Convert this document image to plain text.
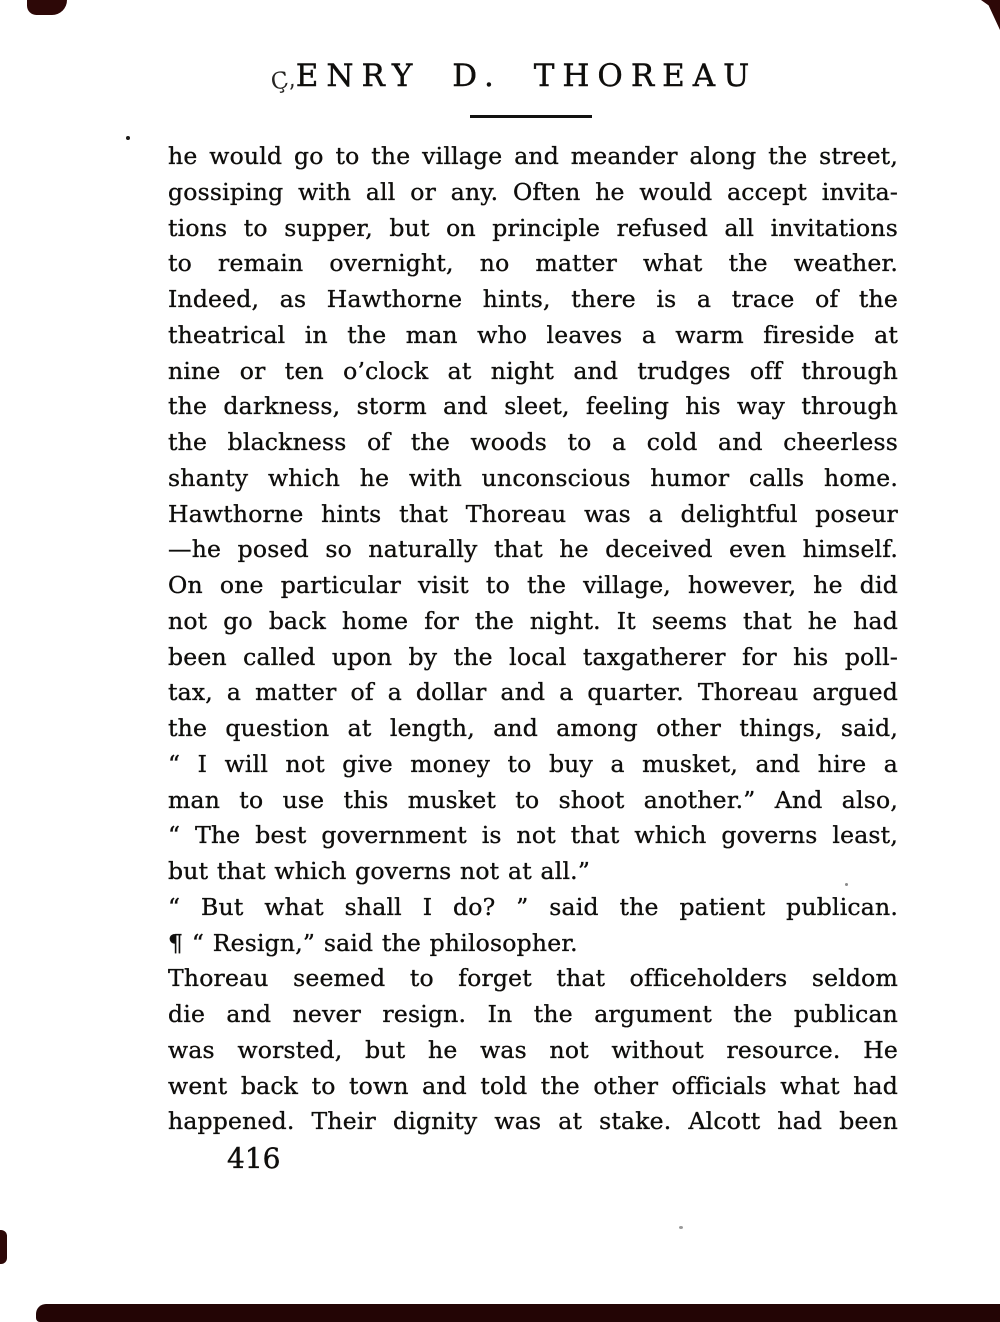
Ç,ENRY D. THOREAU
he would go to the village and meander along the street,
gossiping with all or any. Often he would accept invita-
tions to supper, but on principle refused all invitations
to remain overnight, no matter what the weather.
Indeed, as Hawthorne hints, there is a trace of the
theatrical in the man who leaves a warm fireside at
nine or ten o’clock at night and trudges off through
the darkness, storm and sleet, feeling his way through
the blackness of the woods to a cold and cheerless
shanty which he with unconscious humor calls home.
Hawthorne hints that Thoreau was a delightful poseur
—he posed so naturally that he deceived even himself.
On one particular visit to the village, however, he did
not go back home for the night. It seems that he had
been called upon by the local taxgatherer for his poll-
tax, a matter of a dollar and a quarter. Thoreau argued
the question at length, and among other things, said,
“ I will not give money to buy a musket, and hire a
man to use this musket to shoot another.” And also,
“ The best government is not that which governs least,
but that which governs not at all.”
“ But what shall I do? ” said the patient publican.
¶ “ Resign,” said the philosopher.
Thoreau seemed to forget that officeholders seldom
die and never resign. In the argument the publican
was worsted, but he was not without resource. He
went back to town and told the other officials what had
happened. Their dignity was at stake. Alcott had been
416
